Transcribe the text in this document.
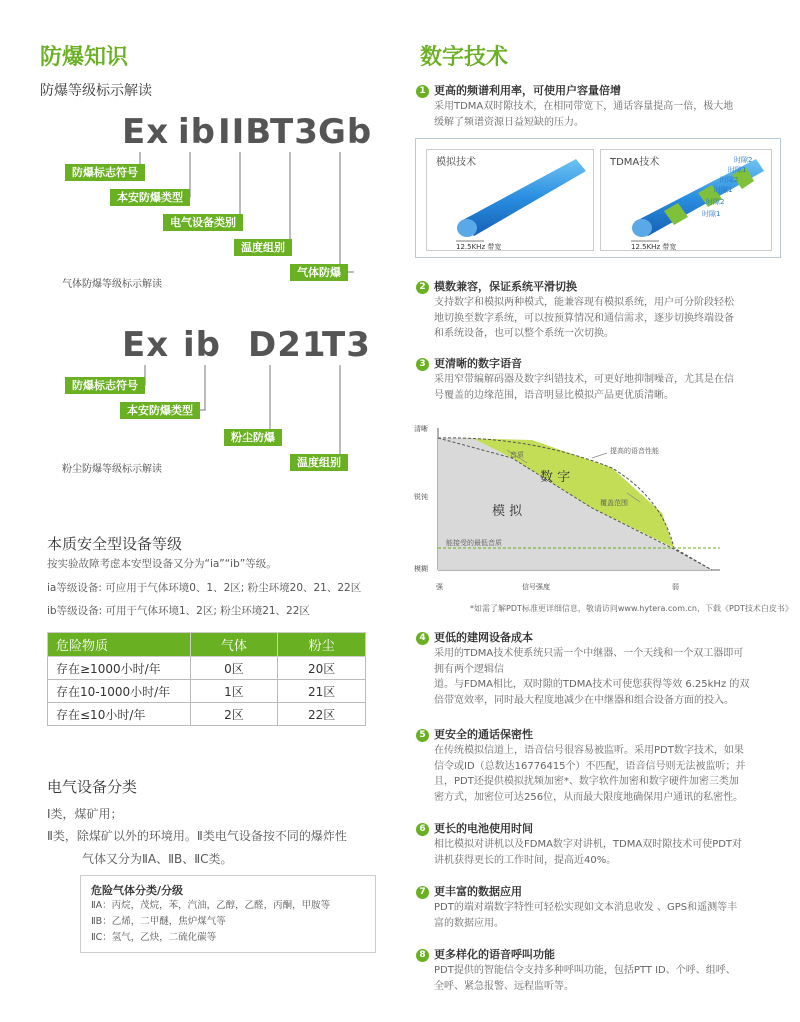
防爆知识
防爆等级标示解读
Ex ib IIB
T3 Gb
防爆标志符号
本安防爆类型
电气设备类别
温度组别
气体防爆
气体防爆等级标示解读
Ex ib D21
T3
防爆标志符号
本安防爆类型
粉尘防爆
温度组别
粉尘防爆等级标示解读
本质安全型设备等级
按实验故障考虑本安型设备又分为“ia”“ib”等级。
ia等级设备: 可应用于气体环境0、1、2区; 粉尘环境20、21、22区
ib等级设备: 可用于气体环境1、2区; 粉尘环境21、22区
危险物质	气体	粉尘
存在≥1000小时/年	0区	20区
存在10-1000小时/年	1区	21区
存在≤10小时/年	2区	22区
电气设备分类
Ⅰ类，煤矿用；
Ⅱ类，除煤矿以外的环境用。Ⅱ类电气设备按不同的爆炸性
气体又分为ⅡA、ⅡB、ⅡC类。
危险气体分类/分级
ⅡA：丙烷，茂烷，苯，汽油，乙醇，乙醛，丙酮，甲胺等
ⅡB：乙烯，二甲醚，焦炉煤气等
ⅡC：氢气，乙炔，二硫化碳等
数字技术
1 更高的频谱利用率，可使用户容量倍增
采用TDMA双时隙技术，在相同带宽下，通话容量提高一倍，极大地
缓解了频谱资源日益短缺的压力。
模拟技术	TDMA技术
12.5KHz 带宽	12.5KHz 带宽
时隙2
时隙1
时隙2
时隙1
时隙2
时隙1
2 模数兼容，保证系统平滑切换
支持数字和模拟两种模式，能兼容现有模拟系统，用户可分阶段轻松
地切换至数字系统，可以按预算情况和通信需求，逐步切换终端设备
和系统设备，也可以整个系统一次切换。
3 更清晰的数字语音
采用窄带编解码器及数字纠错技术，可更好地抑制噪音，尤其是在信
号覆盖的边缘范围，语音明显比模拟产品更优质清晰。
清晰
锐钝
模糊
强	信号强度	弱
数 字
模 拟
提高的语音性能
音质
覆盖范围
能接受的最低音质
*如需了解PDT标准更详细信息，敬请访问www.hytera.com.cn，下载《PDT技术白皮书》
4 更低的建网设备成本
采用的TDMA技术使系统只需一个中继器、一个天线和一个双工器即可
拥有两个逻辑信
道。与FDMA相比，双时隙的TDMA技术可使您获得等效 6.25kHz 的双
倍带宽效率，同时最大程度地减少在中继器和组合设备方面的投入。
5 更安全的通话保密性
在传统模拟信道上，语音信号很容易被监听。采用PDT数字技术，如果
信令或ID（总数达16776415个）不匹配，语音信号则无法被监听；并
且，PDT还提供模拟扰频加密*、数字软件加密和数字硬件加密三类加
密方式，加密位可达256位，从而最大限度地确保用户通讯的私密性。
6 更长的电池使用时间
相比模拟对讲机以及FDMA数字对讲机，TDMA双时隙技术可使PDT对
讲机获得更长的工作时间，提高近40%。
7 更丰富的数据应用
PDT的端对端数字特性可轻松实现如文本消息收发 、GPS和遥测等丰
富的数据应用。
8 更多样化的语音呼叫功能
PDT提供的智能信令支持多种呼叫功能，包括PTT ID、个呼、组呼、
全呼、紧急报警、远程监听等。
